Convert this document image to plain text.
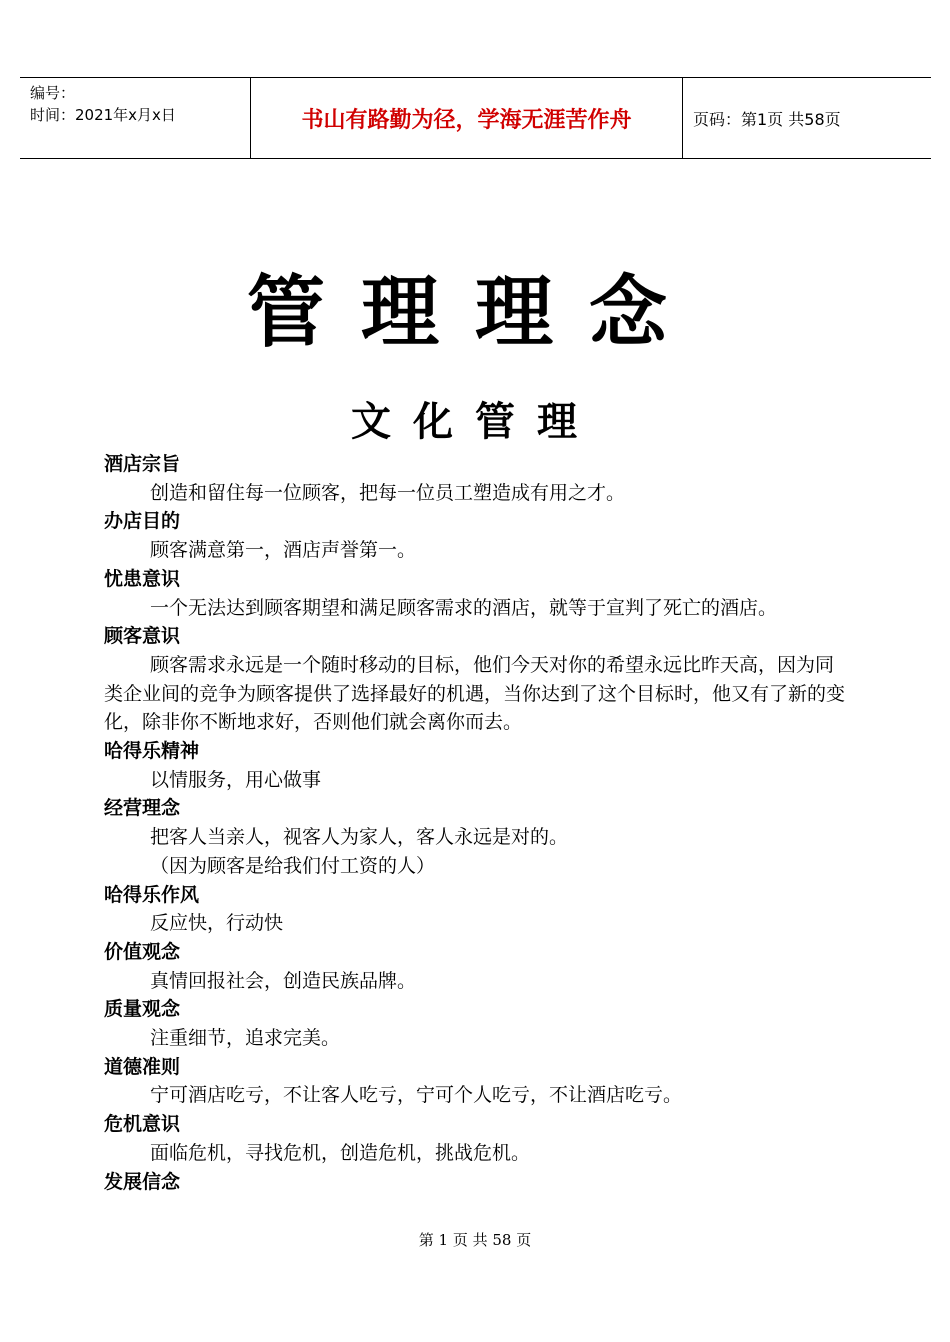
编号：
时间：2021年x月x日	书山有路勤为径，学海无涯苦作舟	页码：第1页 共58页
管理理念
文化管理
酒店宗旨
创造和留住每一位顾客，把每一位员工塑造成有用之才。
办店目的
顾客满意第一，酒店声誉第一。
忧患意识
一个无法达到顾客期望和满足顾客需求的酒店，就等于宣判了死亡的酒店。
顾客意识
顾客需求永远是一个随时移动的目标，他们今天对你的希望永远比昨天高，因为同类企业间的竞争为顾客提供了选择最好的机遇，当你达到了这个目标时，他又有了新的变化，除非你不断地求好，否则他们就会离你而去。
哈得乐精神
以情服务，用心做事
经营理念
把客人当亲人，视客人为家人，客人永远是对的。
（因为顾客是给我们付工资的人）
哈得乐作风
反应快，行动快
价值观念
真情回报社会，创造民族品牌。
质量观念
注重细节，追求完美。
道德准则
宁可酒店吃亏，不让客人吃亏，宁可个人吃亏，不让酒店吃亏。
危机意识
面临危机，寻找危机，创造危机，挑战危机。
发展信念
第 1 页 共 58 页
